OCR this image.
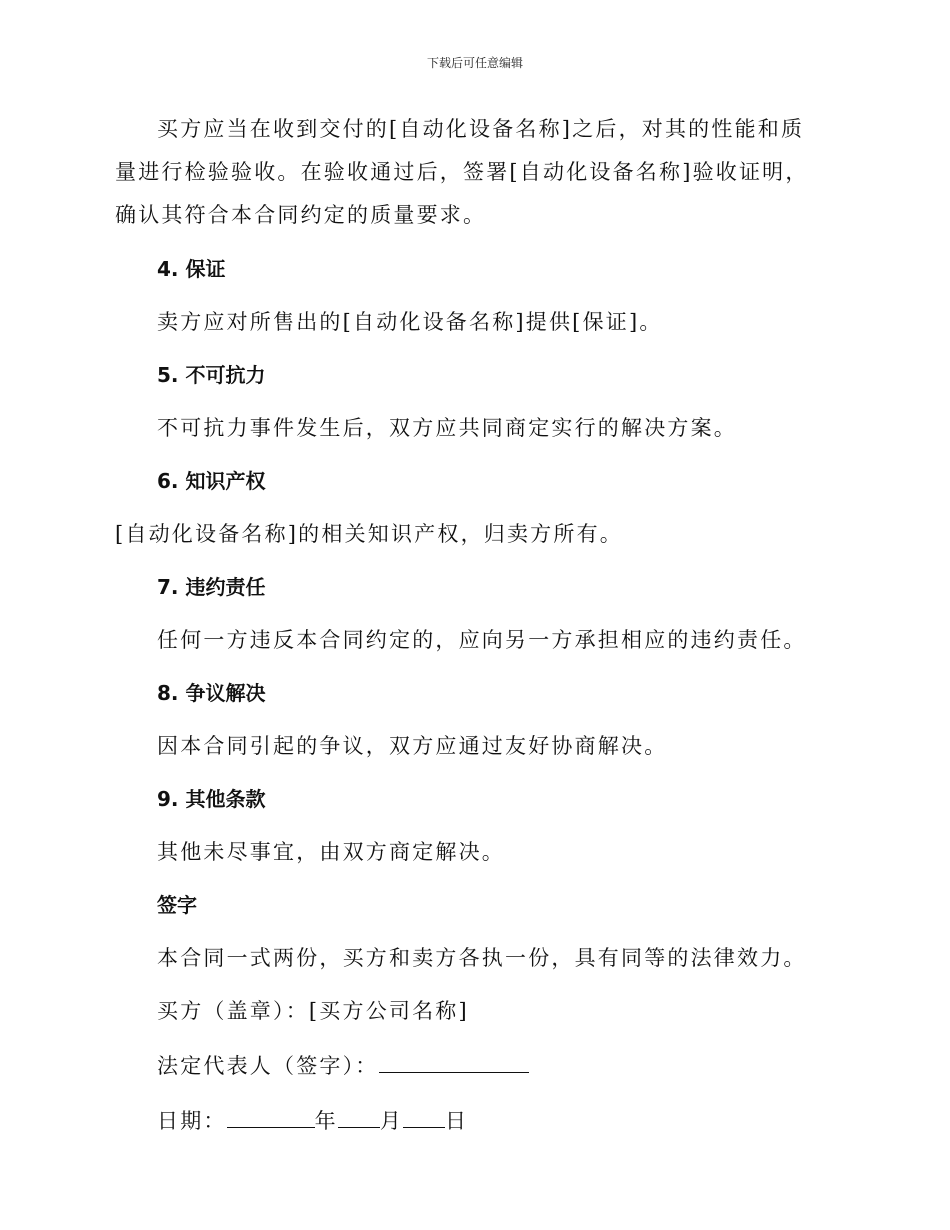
下载后可任意编辑

买方应当在收到交付的[自动化设备名称]之后，对其的性能和质量进行检验验收。在验收通过后，签署[自动化设备名称]验收证明，确认其符合本合同约定的质量要求。

4. 保证

卖方应对所售出的[自动化设备名称]提供[保证]。

5. 不可抗力

不可抗力事件发生后，双方应共同商定实行的解决方案。

6. 知识产权

[自动化设备名称]的相关知识产权，归卖方所有。

7. 违约责任

任何一方违反本合同约定的，应向另一方承担相应的违约责任。

8. 争议解决

因本合同引起的争议，双方应通过友好协商解决。

9. 其他条款

其他未尽事宜，由双方商定解决。

签字

本合同一式两份，买方和卖方各执一份，具有同等的法律效力。

买方（盖章）：[买方公司名称]

法定代表人（签字）：

日期：	年 月 日
